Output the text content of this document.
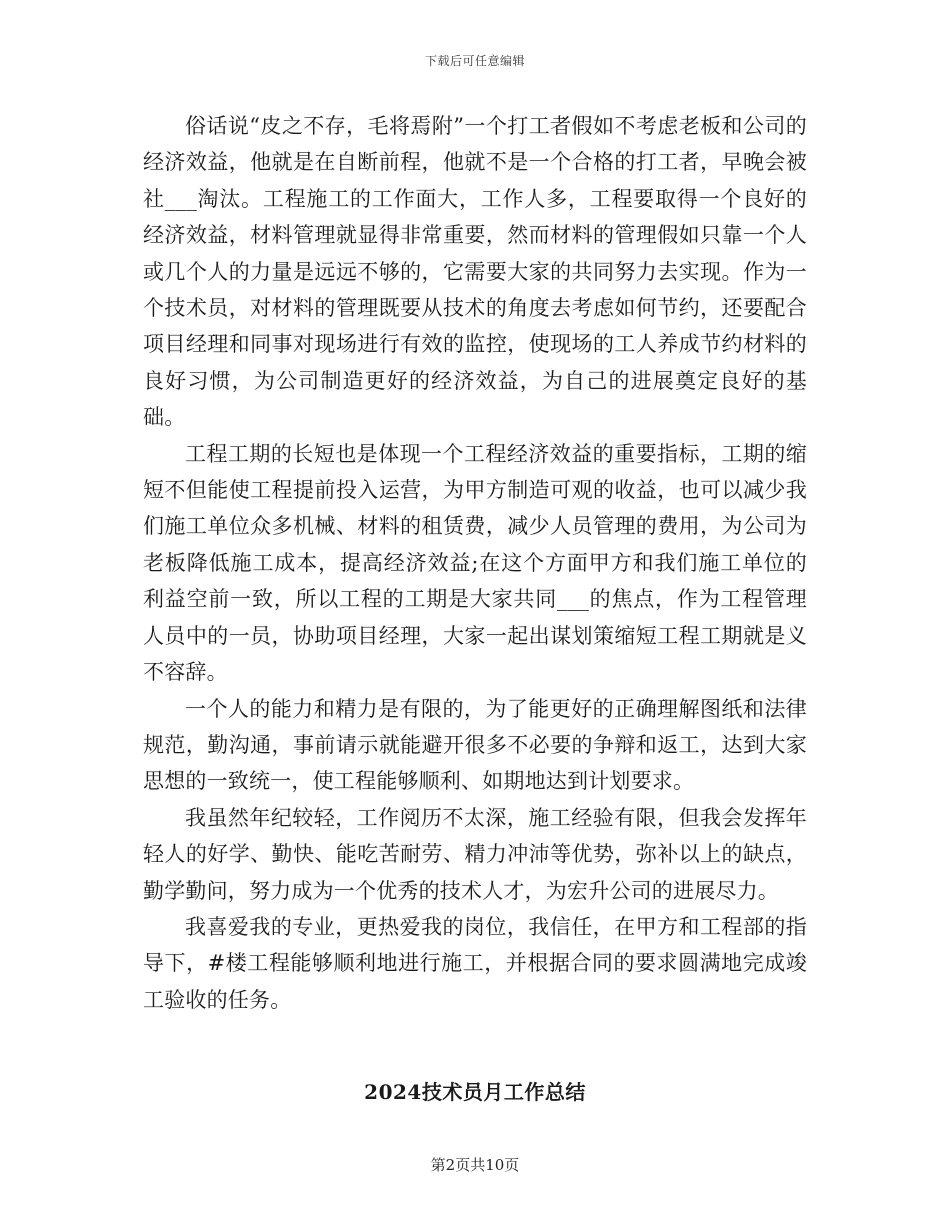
下载后可任意编辑

俗话说“皮之不存，毛将焉附”一个打工者假如不考虑老板和公司的经济效益，他就是在自断前程，他就不是一个合格的打工者，早晚会被社___淘汰。工程施工的工作面大，工作人多，工程要取得一个良好的经济效益，材料管理就显得非常重要，然而材料的管理假如只靠一个人或几个人的力量是远远不够的，它需要大家的共同努力去实现。作为一个技术员，对材料的管理既要从技术的角度去考虑如何节约，还要配合项目经理和同事对现场进行有效的监控，使现场的工人养成节约材料的良好习惯，为公司制造更好的经济效益，为自己的进展奠定良好的基础。

工程工期的长短也是体现一个工程经济效益的重要指标，工期的缩短不但能使工程提前投入运营，为甲方制造可观的收益，也可以减少我们施工单位众多机械、材料的租赁费，减少人员管理的费用，为公司为老板降低施工成本，提高经济效益;在这个方面甲方和我们施工单位的利益空前一致，所以工程的工期是大家共同___的焦点，作为工程管理人员中的一员，协助项目经理，大家一起出谋划策缩短工程工期就是义不容辞。

一个人的能力和精力是有限的，为了能更好的正确理解图纸和法律规范，勤沟通，事前请示就能避开很多不必要的争辩和返工，达到大家思想的一致统一，使工程能够顺利、如期地达到计划要求。

我虽然年纪较轻，工作阅历不太深，施工经验有限，但我会发挥年轻人的好学、勤快、能吃苦耐劳、精力冲沛等优势，弥补以上的缺点，勤学勤问，努力成为一个优秀的技术人才，为宏升公司的进展尽力。

我喜爱我的专业，更热爱我的岗位，我信任，在甲方和工程部的指导下，#楼工程能够顺利地进行施工，并根据合同的要求圆满地完成竣工验收的任务。

2024技术员月工作总结
第2页共10页
